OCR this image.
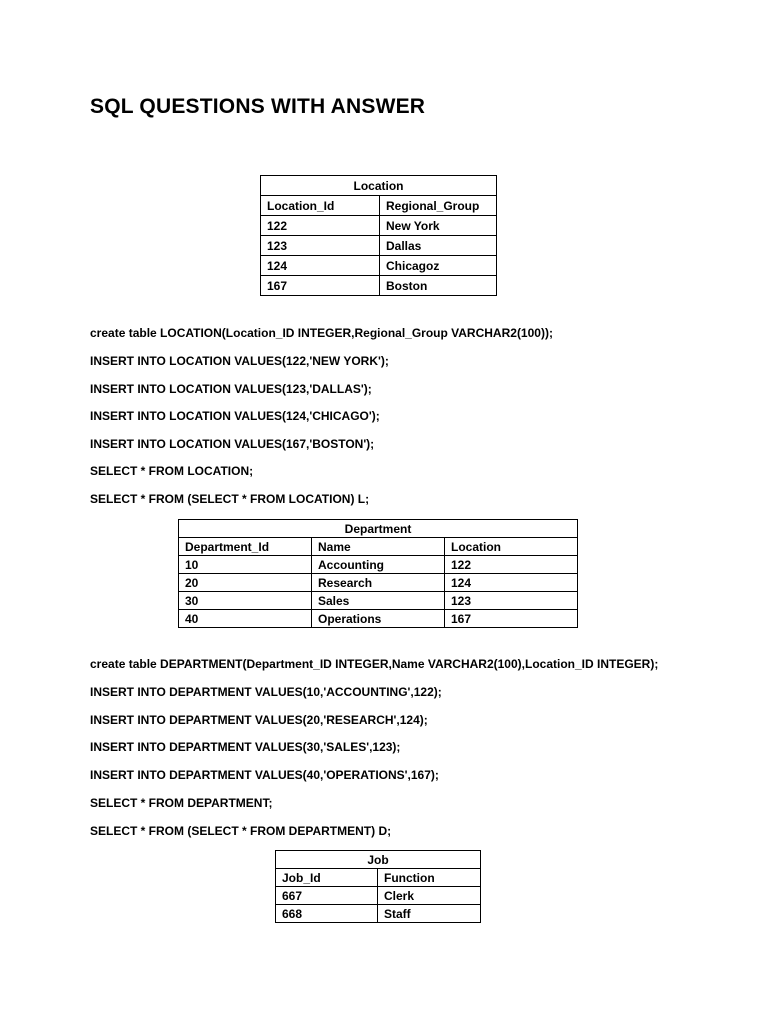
SQL QUESTIONS WITH ANSWER
Location	
Location_Id	Regional_Group
122	New York
123	Dallas
124	Chicagoz
167	Boston
create table LOCATION(Location_ID INTEGER,Regional_Group VARCHAR2(100));
INSERT INTO LOCATION VALUES(122,'NEW YORK');
INSERT INTO LOCATION VALUES(123,'DALLAS');
INSERT INTO LOCATION VALUES(124,'CHICAGO');
INSERT INTO LOCATION VALUES(167,'BOSTON');
SELECT * FROM LOCATION;
SELECT * FROM (SELECT * FROM LOCATION) L;
Department		
Department_Id	Name	Location
10	Accounting	122
20	Research	124
30	Sales	123
40	Operations	167
create table DEPARTMENT(Department_ID INTEGER,Name VARCHAR2(100),Location_ID INTEGER);
INSERT INTO DEPARTMENT VALUES(10,'ACCOUNTING',122);
INSERT INTO DEPARTMENT VALUES(20,'RESEARCH',124);
INSERT INTO DEPARTMENT VALUES(30,'SALES',123);
INSERT INTO DEPARTMENT VALUES(40,'OPERATIONS',167);
SELECT * FROM DEPARTMENT;
SELECT * FROM (SELECT * FROM DEPARTMENT) D;
Job	
Job_Id	Function
667	Clerk
668	Staff
